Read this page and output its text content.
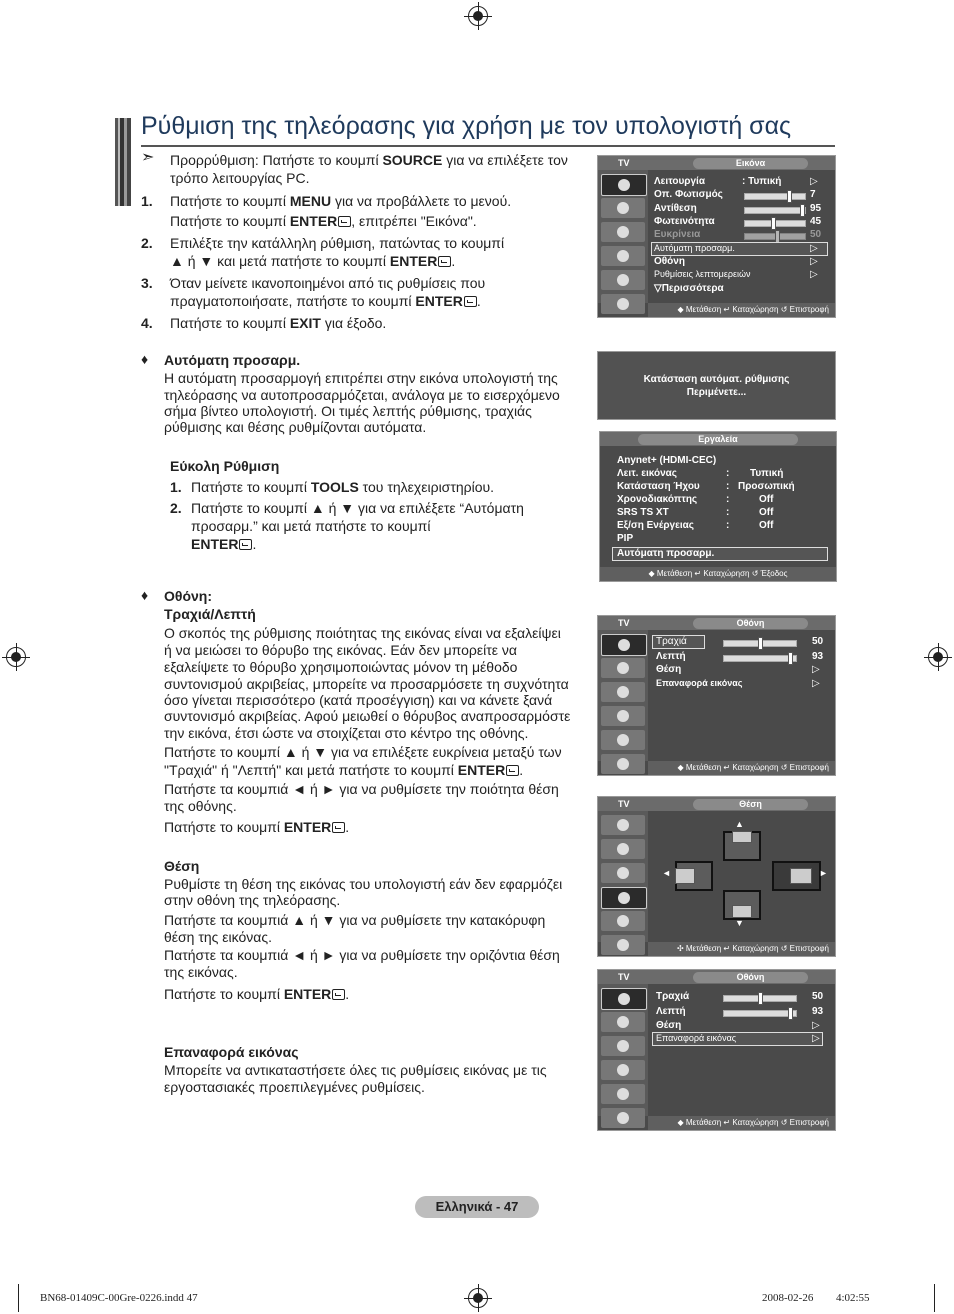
Ρύθμιση της τηλεόρασης για χρήση με τον υπολογιστή σας
➣ Προρρύθμιση: Πατήστε το κουμπί SOURCE για να επιλέξετε τον
τρόπο λειτουργίας PC.
1. Πατήστε το κουμπί MENU για να προβάλλετε το μενού.
Πατήστε το κουμπί ENTER , επιτρέπει "Εικόνα".
2. Επιλέξτε την κατάλληλη ρύθμιση, πατώντας το κουμπί
▲ ή ▼ και μετά πατήστε το κουμπί ENTER .
3. Όταν μείνετε ικανοποιημένοι από τις ρυθμίσεις που
πραγματοποιήσατε, πατήστε το κουμπί ENTER .
4. Πατήστε το κουμπί EXIT για έξοδο.
♦ Αυτόματη προσαρμ.
Η αυτόματη προσαρμογή επιτρέπει στην εικόνα υπολογιστή της
τηλεόρασης να αυτοπροσαρμόζεται, ανάλογα με το εισερχόμενο
σήμα βίντεο υπολογιστή. Οι τιμές λεπτής ρύθμισης, τραχιάς
ρύθμισης και θέσης ρυθμίζονται αυτόματα.
Εύκολη Ρύθμιση
1. Πατήστε το κουμπί TOOLS του τηλεχειριστηρίου.
2. Πατήστε το κουμπί ▲ ή ▼ για να επιλέξετε “Αυτόματη
προσαρμ.” και μετά πατήστε το κουμπί
ENTER .
♦ Οθόνη:
Τραχιά/Λεπτή
Ο σκοπός της ρύθμισης ποιότητας της εικόνας είναι να εξαλείψει
ή να μειώσει το θόρυβο της εικόνας. Εάν δεν μπορείτε να
εξαλείψετε το θόρυβο χρησιμοποιώντας μόνον τη μέθοδο
συντονισμού ακριβείας, μπορείτε να προσαρμόσετε τη συχνότητα
όσο γίνεται περισσότερο (κατά προσέγγιση) και να κάνετε ξανά
συντονισμό ακριβείας. Αφού μειωθεί ο θόρυβος αναπροσαρμόστε
την εικόνα, έτσι ώστε να στοιχίζεται στο κέντρο της οθόνης.
Πατήστε το κουμπί ▲ ή ▼ για να επιλέξετε ευκρίνεια μεταξύ των
"Τραχιά" ή "Λεπτή" και μετά πατήστε το κουμπί ENTER .
Πατήστε τα κουμπιά ◄ ή ► για να ρυθμίσετε την ποιότητα θέση
της οθόνης.
Πατήστε το κουμπί ENTER .
Θέση
Ρυθμίστε τη θέση της εικόνας του υπολογιστή εάν δεν εφαρμόζει
στην οθόνη της τηλεόρασης.
Πατήστε τα κουμπιά ▲ ή ▼ για να ρυθμίσετε την κατακόρυφη
θέση της εικόνας.
Πατήστε τα κουμπιά ◄ ή ► για να ρυθμίσετε την οριζόντια θέση
της εικόνας.
Πατήστε το κουμπί ENTER .
Επαναφορά εικόνας
Μπορείτε να αντικαταστήσετε όλες τις ρυθμίσεις εικόνας με τις
εργοστασιακές προεπιλεγμένες ρυθμίσεις.
TV	Εικόνα
Λειτουργία	: Τυπική	▷
Οπ. Φωτισμός	7
Αντίθεση	95
Φωτεινότητα	45
Ευκρίνεια	50
Αυτόματη προσαρμ.	▷
Οθόνη	▷
Ρυθμίσεις λεπτομερειών	▷
▽Περισσότερα
◆ Μετάθεση ↵ Καταχώρηση ↺ Επιστροφή
Κατάσταση αυτόματ. ρύθμισης
Περιμένετε...
Εργαλεία
Anynet+ (HDMI-CEC)
Λειτ. εικόνας	: Τυπική
Κατάσταση Ήχου	: Προσωπική
Χρονοδιακόπτης	:	Off
SRS TS XT	:	Off
Εξ/ση Ενέργειας	:	Off
PIP
Αυτόματη προσαρμ.
◆ Μετάθεση ↵ Καταχώρηση ↺ Έξοδος
TV	Οθόνη
Τραχιά	50
Λεπτή	93
Θέση	▷
Επαναφορά εικόνας	▷
◆ Μετάθεση ↵ Καταχώρηση ↺ Επιστροφή
TV	Θέση
▲
◄	►
▼
✣ Μετάθεση ↵ Καταχώρηση ↺ Επιστροφή
TV	Οθόνη
Τραχιά	50
Λεπτή	93
Θέση	▷
Επαναφορά εικόνας	▷
◆ Μετάθεση ↵ Καταχώρηση ↺ Επιστροφή
Ελληνικά - 47
BN68-01409C-00Gre-0226.indd 47	2008-02-26 􀀀􀀀 4:02:55
